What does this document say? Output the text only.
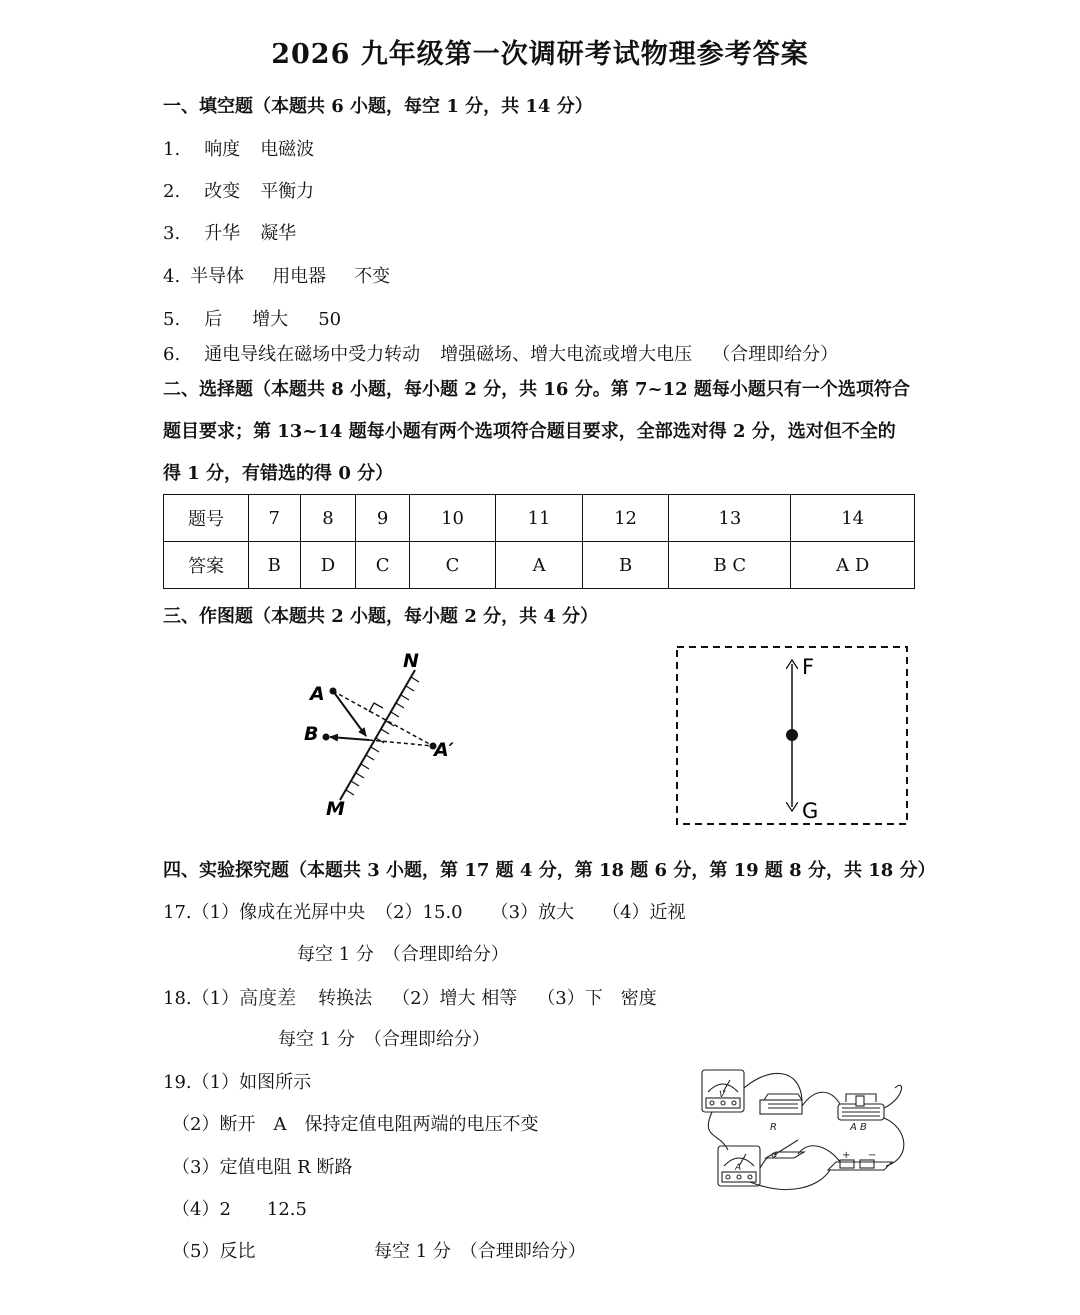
2026 九年级第一次调研考试物理参考答案
一、填空题（本题共 6 小题，每空 1 分，共 14 分）
1. 响度 电磁波
2. 改变 平衡力
3. 升华 凝华
4. 半导体 用电器 不变
5. 后 增大 50
6. 通电导线在磁场中受力转动 增强磁场、增大电流或增大电压 （合理即给分）
二、选择题（本题共 8 小题，每小题 2 分，共 16 分。第 7~12 题每小题只有一个选项符合
题目要求；第 13~14 题每小题有两个选项符合题目要求，全部选对得 2 分，选对但不全的
得 1 分，有错选的得 0 分）
题号	7	8	9	10	11	12	13	14
答案	B	D	C	C	A	B	B C	A D
三、作图题（本题共 2 小题，每小题 2 分，共 4 分）
N
M
A
B
A′
F
G
四、实验探究题（本题共 3 小题，第 17 题 4 分，第 18 题 6 分，第 19 题 8 分，共 18 分）
17.（1）像成在光屏中央 （2）15.0 （3）放大 （4）近视
每空 1 分　（合理即给分）
18.（1）高度差 转换法 （2）增大 相等 （3）下　密度
每空 1 分　（合理即给分）
19.（1）如图所示
（2）断开　A　保持定值电阻两端的电压不变
（3）定值电阻 R 断路
（4）2　　12.5
（5）反比	每空 1 分　（合理即给分）
V
A
R	A B
+ −
